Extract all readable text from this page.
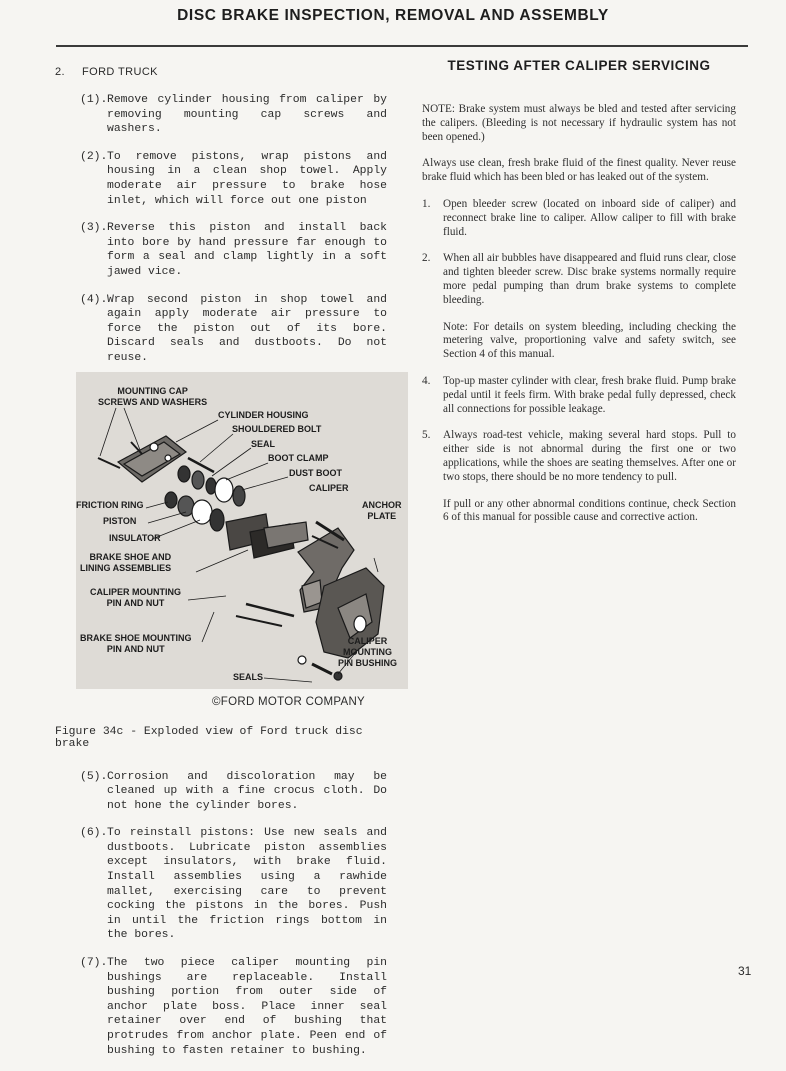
DISC BRAKE INSPECTION, REMOVAL AND ASSEMBLY
2. FORD TRUCK
(1). Remove cylinder housing from caliper by removing mounting cap screws and washers.
(2). To remove pistons, wrap pistons and housing in a clean shop towel. Apply moderate air pressure to brake hose inlet, which will force out one piston
(3). Reverse this piston and install back into bore by hand pressure far enough to form a seal and clamp lightly in a soft jawed vice.
(4). Wrap second piston in shop towel and again apply moderate air pressure to force the piston out of its bore. Discard seals and dustboots. Do not reuse.
MOUNTING CAP
SCREWS AND WASHERS
CYLINDER HOUSING
SHOULDERED BOLT
SEAL
BOOT CLAMP
DUST BOOT
CALIPER
ANCHOR
PLATE
FRICTION RING
PISTON
INSULATOR
BRAKE SHOE AND
LINING ASSEMBLIES
CALIPER MOUNTING
PIN AND NUT
BRAKE SHOE MOUNTING
PIN AND NUT
CALIPER
MOUNTING
PIN BUSHING
SEALS
©FORD MOTOR COMPANY
Figure 34c - Exploded view of Ford truck disc brake
(5). Corrosion and discoloration may be cleaned up with a fine crocus cloth. Do not hone the cylinder bores.
(6). To reinstall pistons: Use new seals and dustboots. Lubricate piston assemblies except insulators, with brake fluid. Install assemblies using a rawhide mallet, exercising care to prevent cocking the pistons in the bores. Push in until the friction rings bottom in the bores.
(7). The two piece caliper mounting pin bushings are replaceable. Install bushing portion from outer side of anchor plate boss. Place inner seal retainer over end of bushing that protrudes from anchor plate. Peen end of bushing to fasten retainer to bushing.
TESTING AFTER CALIPER SERVICING

NOTE: Brake system must always be bled and tested after servicing the calipers. (Bleeding is not necessary if hydraulic system has not been opened.)

Always use clean, fresh brake fluid of the finest quality. Never reuse brake fluid which has been bled or has leaked out of the system.

1. Open bleeder screw (located on inboard side of caliper) and reconnect brake line to caliper. Allow caliper to fill with brake fluid.

2. When all air bubbles have disappeared and fluid runs clear, close and tighten bleeder screw. Disc brake systems normally require more pedal pumping than drum brake systems to complete bleeding.

Note: For details on system bleeding, including checking the metering valve, proportioning valve and safety switch, see Section 4 of this manual.

4. Top-up master cylinder with clear, fresh brake fluid. Pump brake pedal until it feels firm. With brake pedal fully depressed, check all connections for possible leakage.

5. Always road-test vehicle, making several hard stops. Pull to either side is not abnormal during the first one or two applications, while the shoes are seating themselves. After one or two stops, there should be no more tendency to pull.

If pull or any other abnormal conditions continue, check Section 6 of this manual for possible cause and corrective action.

31
